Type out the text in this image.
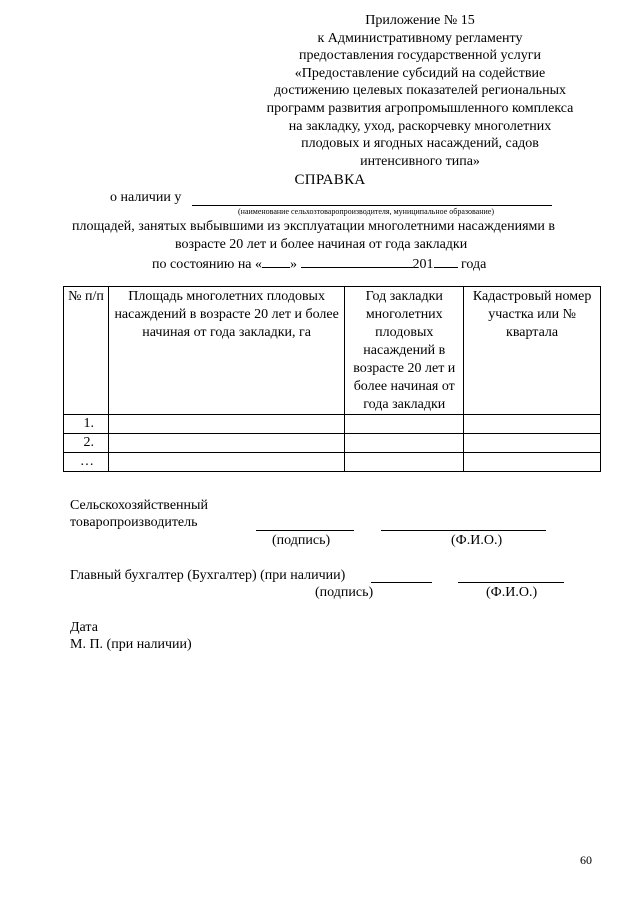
Приложение № 15
к Административному регламенту
предоставления государственной услуги
«Предоставление субсидий на содействие
достижению целевых показателей региональных
программ развития агропромышленного комплекса
на закладку, уход, раскорчевку многолетних
плодовых и ягодных насаждений, садов
интенсивного типа»
СПРАВКА
о наличии у
(наименование сельхозтоваропроизводителя, муниципальное образование)
площадей, занятых выбывшими из эксплуатации многолетними насаждениями в
возрасте 20 лет и более начиная от года закладки
по состоянию на « »	201 года
№ п/п	Площадь многолетних плодовых насаждений в возрасте 20 лет и более начиная от года закладки, га	Год закладки многолетних плодовых насаждений в возрасте 20 лет и более начиная от года закладки	Кадастровый номер участка или № квартала
1.			
2.			
…			
Сельскохозяйственный
товаропроизводитель
(подпись)	(Ф.И.О.)
Главный бухгалтер (Бухгалтер) (при наличии)
(подпись)	(Ф.И.О.)
Дата
М. П. (при наличии)
60
